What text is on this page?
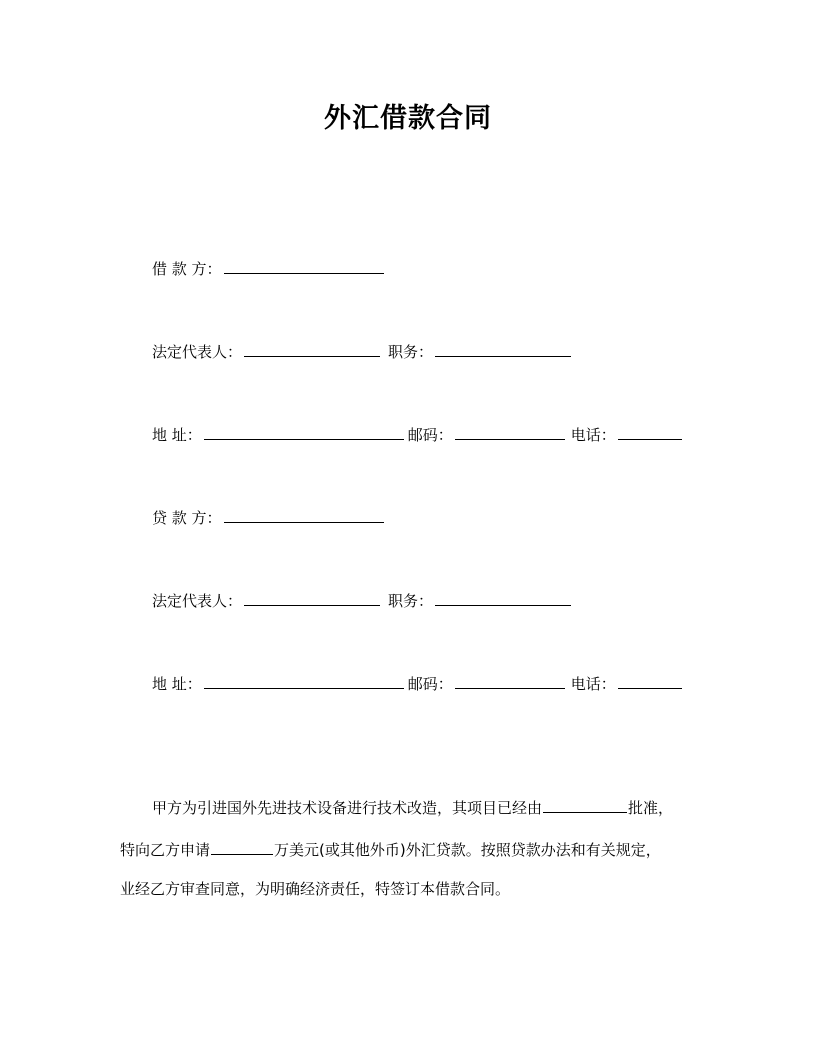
外汇借款合同
借 款 方：
法定代表人：	职务：
地 址：	邮码：	电话：
贷 款 方：
法定代表人：	职务：
地 址：	邮码：	电话：
甲方为引进国外先进技术设备进行技术改造，其项目已经由	批准，
特向乙方申请	万美元(或其他外币)外汇贷款。按照贷款办法和有关规定，
业经乙方审查同意，为明确经济责任，特签订本借款合同。
